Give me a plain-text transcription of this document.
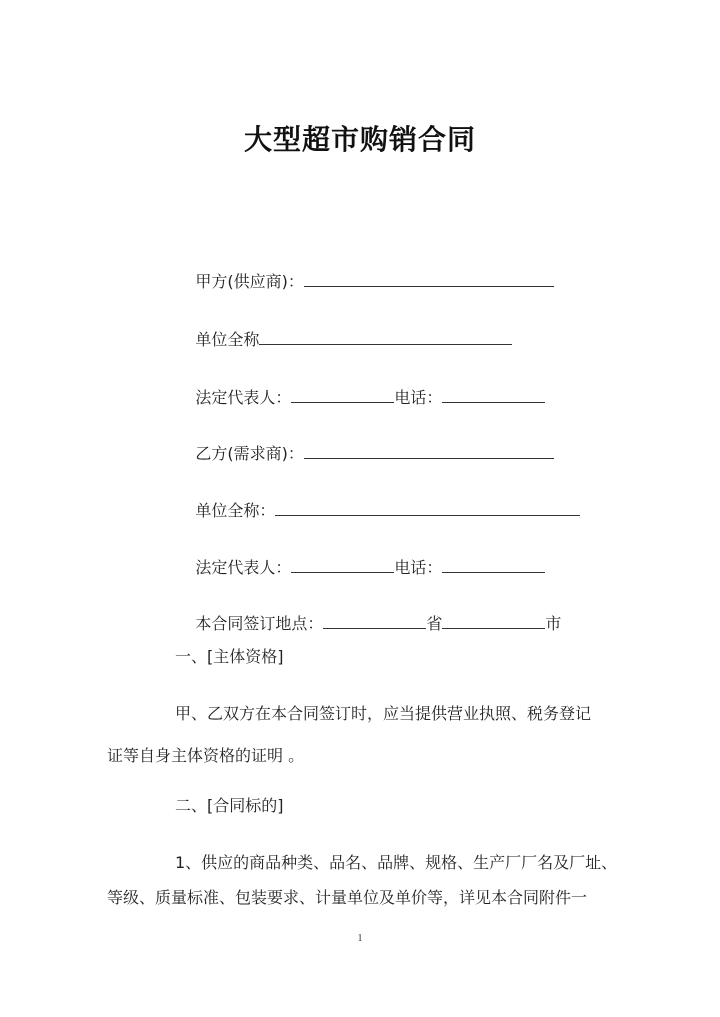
大型超市购销合同

甲方(供应商)：

单位全称

法定代表人：	电话：

乙方(需求商)：

单位全称：

法定代表人：	电话：

本合同签订地点：	省	市

一、[主体资格]
甲、乙双方在本合同签订时，应当提供营业执照、税务登记
证等自身主体资格的证明 。
二、[合同标的]
1、供应的商品种类、品名、品牌、规格、生产厂厂名及厂址、
等级、质量标准、包装要求、计量单位及单价等，详见本合同附件一
1
